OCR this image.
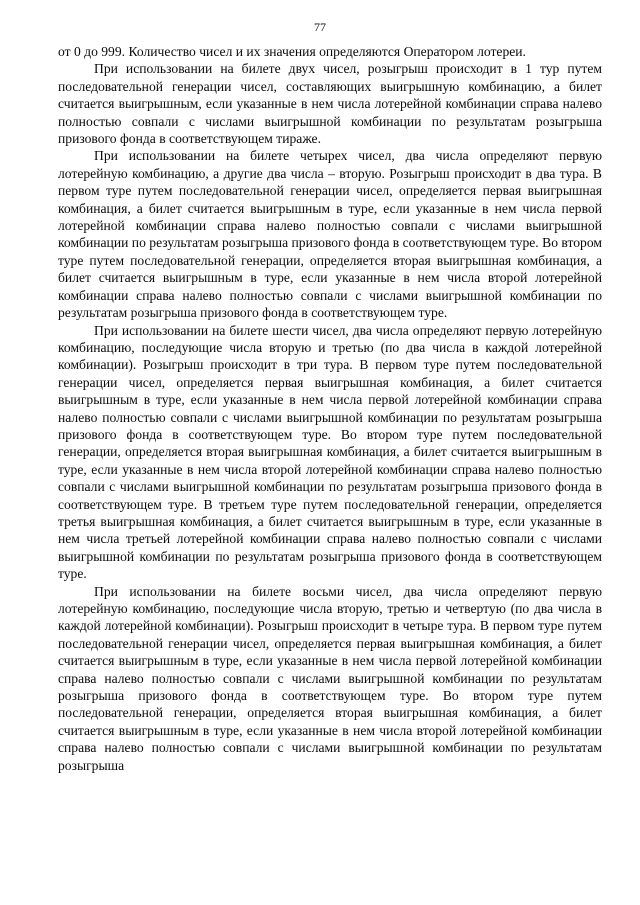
77

от 0 до 999. Количество чисел и их значения определяются Оператором лотереи.

При использовании на билете двух чисел, розыгрыш происходит в 1 тур путем последовательной генерации чисел, составляющих выигрышную комбинацию, а билет считается выигрышным, если указанные в нем числа лотерейной комбинации справа налево полностью совпали с числами выигрышной комбинации по результатам розыгрыша призового фонда в соответствующем тираже.

При использовании на билете четырех чисел, два числа определяют первую лотерейную комбинацию, а другие два числа – вторую. Розыгрыш происходит в два тура. В первом туре путем последовательной генерации чисел, определяется первая выигрышная комбинация, а билет считается выигрышным в туре, если указанные в нем числа первой лотерейной комбинации справа налево полностью совпали с числами выигрышной комбинации по результатам розыгрыша призового фонда в соответствующем туре. Во втором туре путем последовательной генерации, определяется вторая выигрышная комбинация, а билет считается выигрышным в туре, если указанные в нем числа второй лотерейной комбинации справа налево полностью совпали с числами выигрышной комбинации по результатам розыгрыша призового фонда в соответствующем туре.

При использовании на билете шести чисел, два числа определяют первую лотерейную комбинацию, последующие числа вторую и третью (по два числа в каждой лотерейной комбинации). Розыгрыш происходит в три тура. В первом туре путем последовательной генерации чисел, определяется первая выигрышная комбинация, а билет считается выигрышным в туре, если указанные в нем числа первой лотерейной комбинации справа налево полностью совпали с числами выигрышной комбинации по результатам розыгрыша призового фонда в соответствующем туре. Во втором туре путем последовательной генерации, определяется вторая выигрышная комбинация, а билет считается выигрышным в туре, если указанные в нем числа второй лотерейной комбинации справа налево полностью совпали с числами выигрышной комбинации по результатам розыгрыша призового фонда в соответствующем туре. В третьем туре путем последовательной генерации, определяется третья выигрышная комбинация, а билет считается выигрышным в туре, если указанные в нем числа третьей лотерейной комбинации справа налево полностью совпали с числами выигрышной комбинации по результатам розыгрыша призового фонда в соответствующем туре.

При использовании на билете восьми чисел, два числа определяют первую лотерейную комбинацию, последующие числа вторую, третью и четвертую (по два числа в каждой лотерейной комбинации). Розыгрыш происходит в четыре тура. В первом туре путем последовательной генерации чисел, определяется первая выигрышная комбинация, а билет считается выигрышным в туре, если указанные в нем числа первой лотерейной комбинации справа налево полностью совпали с числами выигрышной комбинации по результатам розыгрыша призового фонда в соответствующем туре. Во втором туре путем последовательной генерации, определяется вторая выигрышная комбинация, а билет считается выигрышным в туре, если указанные в нем числа второй лотерейной комбинации справа налево полностью совпали с числами выигрышной комбинации по результатам розыгрыша
